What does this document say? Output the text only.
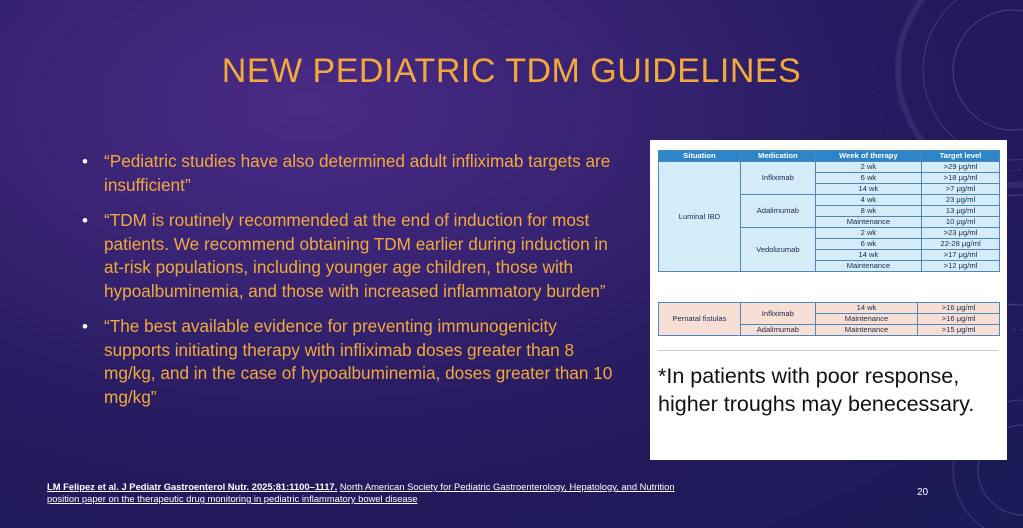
NEW PEDIATRIC TDM GUIDELINES
• “Pediatric studies have also determined adult infliximab targets are insufficient”
• “TDM is routinely recommended at the end of induction for most patients. We recommend obtaining TDM earlier during induction in at-risk populations, including younger age children, those with hypoalbuminemia, and those with increased inflammatory burden”
• “The best available evidence for preventing immunogenicity supports initiating therapy with infliximab doses greater than 8 mg/kg, and in the case of hypoalbuminemia, doses greater than 10 mg/kg”
Situation	Medication	Week of therapy	Target level
Luminal IBD	Infliximab	2 wk	>29 μg/ml
		6 wk	>18 μg/ml
		14 wk	>7 μg/ml
	Adalimumab	4 wk	23 μg/ml
		8 wk	13 μg/ml
		Maintenance	10 μg/ml
	Vedolizumab	2 wk	>23 μg/ml
		6 wk	22-28 μg/ml
		14 wk	>17 μg/ml
		Maintenance	>12 μg/ml
Pernatal fistulas	Infliximab	14 wk	>16 μg/ml
		Maintenance	>16 μg/ml
	Adalimumab	Maintenance	>15 μg/ml
*In patients with poor response, higher troughs may benecessary.
LM Felipez et al. J Pediatr Gastroenterol Nutr. 2025;81:1100–1117. North American Society for Pediatric Gastroenterology, Hepatology, and Nutrition position paper on the therapeutic drug monitoring in pediatric inflammatory bowel disease
20
